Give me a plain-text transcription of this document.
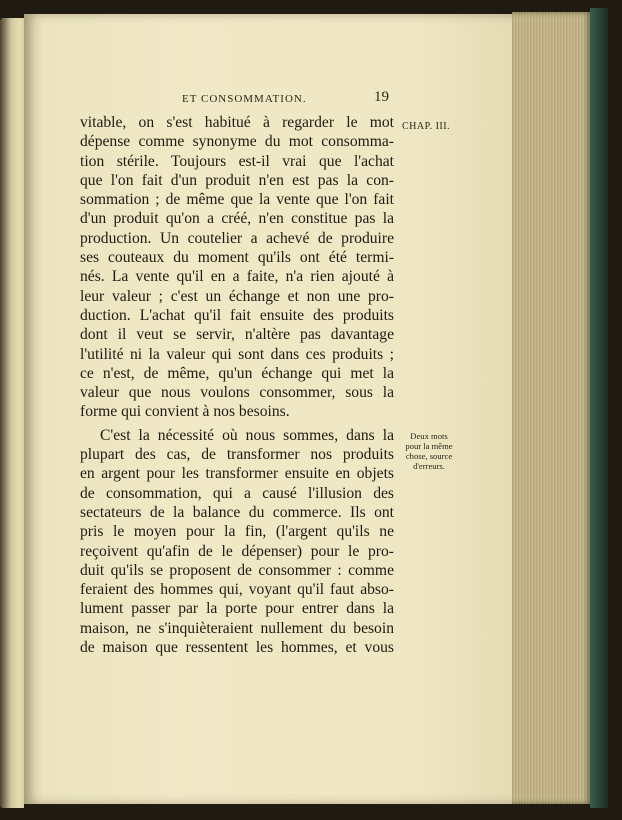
ET CONSOMMATION.	19
CHAP. III.
vitable, on s'est habitué à regarder le mot
dépense comme synonyme du mot consomma-
tion stérile. Toujours est-il vrai que l'achat
que l'on fait d'un produit n'en est pas la con-
sommation ; de même que la vente que l'on fait
d'un produit qu'on a créé, n'en constitue pas la
production. Un coutelier a achevé de produire
ses couteaux du moment qu'ils ont été termi-
nés. La vente qu'il en a faite, n'a rien ajouté à
leur valeur ; c'est un échange et non une pro-
duction. L'achat qu'il fait ensuite des produits
dont il veut se servir, n'altère pas davantage
l'utilité ni la valeur qui sont dans ces produits ;
ce n'est, de même, qu'un échange qui met la
valeur que nous voulons consommer, sous la
forme qui convient à nos besoins.
C'est la nécessité où nous sommes, dans la
plupart des cas, de transformer nos produits
en argent pour les transformer ensuite en objets
de consommation, qui a causé l'illusion des
sectateurs de la balance du commerce. Ils ont
pris le moyen pour la fin, (l'argent qu'ils ne
reçoivent qu'afin de le dépenser) pour le pro-
duit qu'ils se proposent de consommer : comme
feraient des hommes qui, voyant qu'il faut abso-
lument passer par la porte pour entrer dans la
maison, ne s'inquièteraient nullement du besoin
de maison que ressentent les hommes, et vous
Deux mots
pour la même
chose, source
d'erreurs.
